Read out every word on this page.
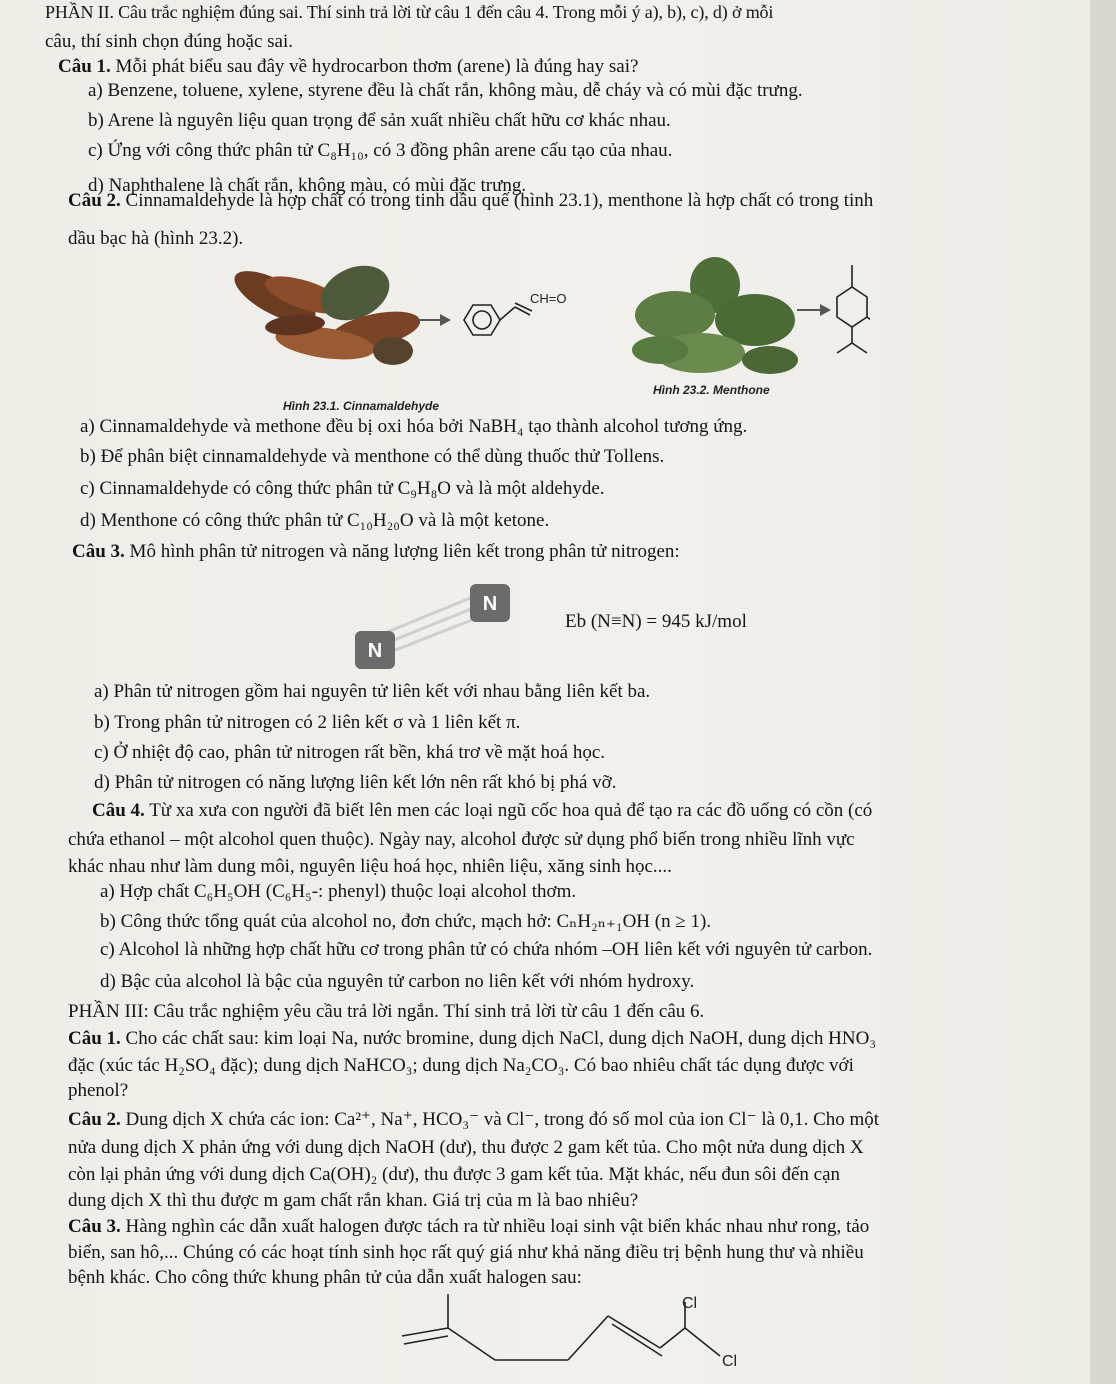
PHẦN II. Câu trắc nghiệm đúng sai. Thí sinh trả lời từ câu 1 đến câu 4. Trong mỗi ý a), b), c), d) ở mỗi
câu, thí sinh chọn đúng hoặc sai.
Câu 1. Mỗi phát biểu sau đây về hydrocarbon thơm (arene) là đúng hay sai?
a) Benzene, toluene, xylene, styrene đều là chất rắn, không màu, dễ cháy và có mùi đặc trưng.
b) Arene là nguyên liệu quan trọng để sản xuất nhiều chất hữu cơ khác nhau.
c) Ứng với công thức phân tử C₈H₁₀, có 3 đồng phân arene cấu tạo của nhau.
d) Naphthalene là chất rắn, không màu, có mùi đặc trưng.
Câu 2. Cinnamaldehyde là hợp chất có trong tinh dầu quế (hình 23.1), menthone là hợp chất có trong tinh
dầu bạc hà (hình 23.2).
CH=O
Hình 23.1. Cinnamaldehyde
Hình 23.2. Menthone
a) Cinnamaldehyde và methone đều bị oxi hóa bởi NaBH₄ tạo thành alcohol tương ứng.
b) Để phân biệt cinnamaldehyde và menthone có thể dùng thuốc thử Tollens.
c) Cinnamaldehyde có công thức phân tử C₉H₈O và là một aldehyde.
d) Menthone có công thức phân tử C₁₀H₂₀O và là một ketone.
Câu 3. Mô hình phân tử nitrogen và năng lượng liên kết trong phân tử nitrogen:
N
N
Eb (N≡N) = 945 kJ/mol
a) Phân tử nitrogen gồm hai nguyên tử liên kết với nhau bằng liên kết ba.
b) Trong phân tử nitrogen có 2 liên kết σ và 1 liên kết π.
c) Ở nhiệt độ cao, phân tử nitrogen rất bền, khá trơ về mặt hoá học.
d) Phân tử nitrogen có năng lượng liên kết lớn nên rất khó bị phá vỡ.
Câu 4. Từ xa xưa con người đã biết lên men các loại ngũ cốc hoa quả để tạo ra các đồ uống có cồn (có
chứa ethanol – một alcohol quen thuộc). Ngày nay, alcohol được sử dụng phổ biến trong nhiều lĩnh vực
khác nhau như làm dung môi, nguyên liệu hoá học, nhiên liệu, xăng sinh học....
a) Hợp chất C₆H₅OH (C₆H₅-: phenyl) thuộc loại alcohol thơm.
b) Công thức tổng quát của alcohol no, đơn chức, mạch hở: CₙH₂ₙ₊₁OH (n ≥ 1).
c) Alcohol là những hợp chất hữu cơ trong phân tử có chứa nhóm –OH liên kết với nguyên tử carbon.
d) Bậc của alcohol là bậc của nguyên tử carbon no liên kết với nhóm hydroxy.
PHẦN III: Câu trắc nghiệm yêu cầu trả lời ngắn. Thí sinh trả lời từ câu 1 đến câu 6.
Câu 1. Cho các chất sau: kim loại Na, nước bromine, dung dịch NaCl, dung dịch NaOH, dung dịch HNO₃
đặc (xúc tác H₂SO₄ đặc); dung dịch NaHCO₃; dung dịch Na₂CO₃. Có bao nhiêu chất tác dụng được với
phenol?
Câu 2. Dung dịch X chứa các ion: Ca²⁺, Na⁺, HCO₃⁻ và Cl⁻, trong đó số mol của ion Cl⁻ là 0,1. Cho một
nửa dung dịch X phản ứng với dung dịch NaOH (dư), thu được 2 gam kết tủa. Cho một nửa dung dịch X
còn lại phản ứng với dung dịch Ca(OH)₂ (dư), thu được 3 gam kết tủa. Mặt khác, nếu đun sôi đến cạn
dung dịch X thì thu được m gam chất rắn khan. Giá trị của m là bao nhiêu?
Câu 3. Hàng nghìn các dẫn xuất halogen được tách ra từ nhiều loại sinh vật biển khác nhau như rong, tảo
biển, san hô,... Chúng có các hoạt tính sinh học rất quý giá như khả năng điều trị bệnh hung thư và nhiều
bệnh khác. Cho công thức khung phân tử của dẫn xuất halogen sau:
Cl
Cl
